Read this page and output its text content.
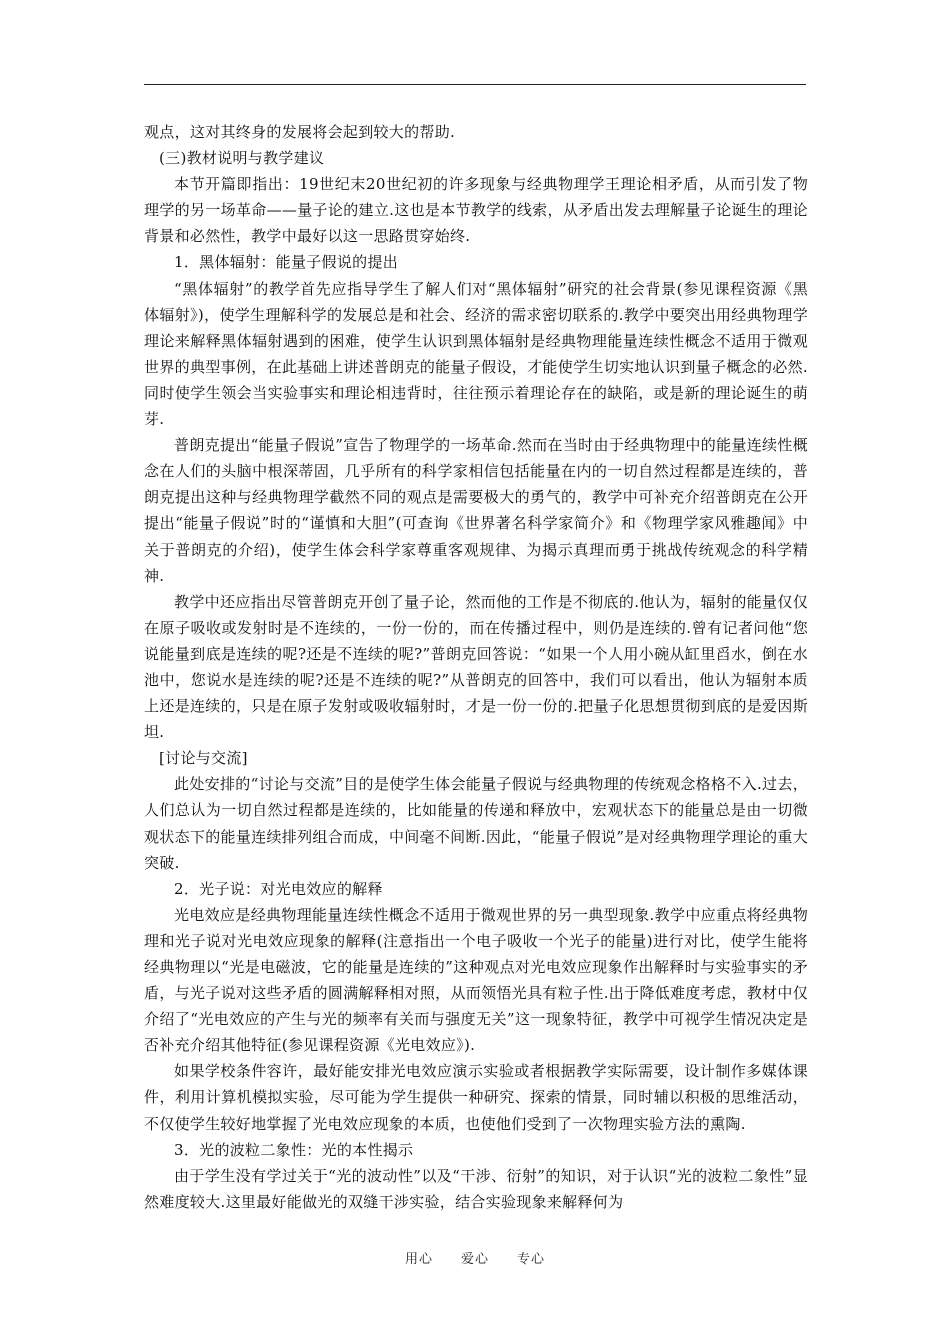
观点，这对其终身的发展将会起到较大的帮助.

(三)教材说明与教学建议

本节开篇即指出：19世纪末20世纪初的许多现象与经典物理学王理论相矛盾，从而引发了物理学的另一场革命——量子论的建立.这也是本节教学的线索，从矛盾出发去理解量子论诞生的理论背景和必然性，教学中最好以这一思路贯穿始终.

1．黑体辐射：能量子假说的提出

“黑体辐射”的教学首先应指导学生了解人们对“黑体辐射”研究的社会背景(参见课程资源《黑体辐射》)，使学生理解科学的发展总是和社会、经济的需求密切联系的.教学中要突出用经典物理学理论来解释黑体辐射遇到的困难，使学生认识到黑体辐射是经典物理能量连续性概念不适用于微观世界的典型事例，在此基础上讲述普朗克的能量子假设，才能使学生切实地认识到量子概念的必然.同时使学生领会当实验事实和理论相违背时，往往预示着理论存在的缺陷，或是新的理论诞生的萌芽.

普朗克提出“能量子假说”宣告了物理学的一场革命.然而在当时由于经典物理中的能量连续性概念在人们的头脑中根深蒂固，几乎所有的科学家相信包括能量在内的一切自然过程都是连续的，普朗克提出这种与经典物理学截然不同的观点是需要极大的勇气的，教学中可补充介绍普朗克在公开提出“能量子假说”时的“谨慎和大胆”(可查询《世界著名科学家简介》和《物理学家风雅趣闻》中关于普朗克的介绍)，使学生体会科学家尊重客观规律、为揭示真理而勇于挑战传统观念的科学精神.

教学中还应指出尽管普朗克开创了量子论，然而他的工作是不彻底的.他认为，辐射的能量仅仅在原子吸收或发射时是不连续的，一份一份的，而在传播过程中，则仍是连续的.曾有记者问他“您说能量到底是连续的呢?还是不连续的呢?”普朗克回答说：“如果一个人用小碗从缸里舀水，倒在水池中，您说水是连续的呢?还是不连续的呢?”从普朗克的回答中，我们可以看出，他认为辐射本质上还是连续的，只是在原子发射或吸收辐射时，才是一份一份的.把量子化思想贯彻到底的是爱因斯坦.

[讨论与交流]

此处安排的“讨论与交流”目的是使学生体会能量子假说与经典物理的传统观念格格不入.过去，人们总认为一切自然过程都是连续的，比如能量的传递和释放中，宏观状态下的能量总是由一切微观状态下的能量连续排列组合而成，中间毫不间断.因此，“能量子假说”是对经典物理学理论的重大突破.

2．光子说：对光电效应的解释

光电效应是经典物理能量连续性概念不适用于微观世界的另一典型现象.教学中应重点将经典物理和光子说对光电效应现象的解释(注意指出一个电子吸收一个光子的能量)进行对比，使学生能将经典物理以“光是电磁波，它的能量是连续的”这种观点对光电效应现象作出解释时与实验事实的矛盾，与光子说对这些矛盾的圆满解释相对照，从而领悟光具有粒子性.出于降低难度考虑，教材中仅介绍了“光电效应的产生与光的频率有关而与强度无关”这一现象特征，教学中可视学生情况决定是否补充介绍其他特征(参见课程资源《光电效应》).

如果学校条件容许，最好能安排光电效应演示实验或者根据教学实际需要，设计制作多媒体课件，利用计算机模拟实验，尽可能为学生提供一种研究、探索的情景，同时辅以积极的思维活动，不仅使学生较好地掌握了光电效应现象的本质，也使他们受到了一次物理实验方法的熏陶.

3．光的波粒二象性：光的本性揭示

由于学生没有学过关于“光的波动性”以及“干涉、衍射”的知识，对于认识“光的波粒二象性”显然难度较大.这里最好能做光的双缝干涉实验，结合实验现象来解释何为

用心 爱心 专心
